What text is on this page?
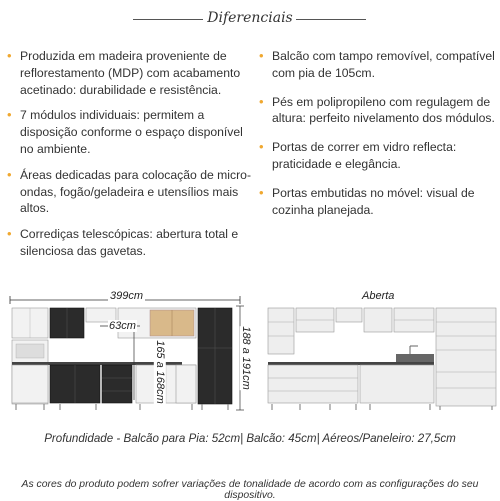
Diferenciais
• Produzida em madeira proveniente de reflorestamento (MDP) com acabamento acetinado: durabilidade e resistência.
• 7 módulos individuais: permitem a disposição conforme o espaço disponível no ambiente.
• Áreas dedicadas para colocação de micro-ondas, fogão/geladeira e utensílios mais altos.
• Corrediças telescópicas: abertura total e silenciosa das gavetas.
• Balcão com tampo removível, compatível com pia de 105cm.
• Pés em polipropileno com regulagem de altura: perfeito nivelamento dos módulos.
• Portas de correr em vidro reflecta: praticidade e elegância.
• Portas embutidas no móvel: visual de cozinha planejada.
399cm
63cm
165 a 168cm	188 a 191cm
Aberta
Profundidade - Balcão para Pia: 52cm| Balcão: 45cm| Aéreos/Paneleiro: 27,5cm
As cores do produto podem sofrer variações de tonalidade de acordo com as configurações do seu dispositivo.
